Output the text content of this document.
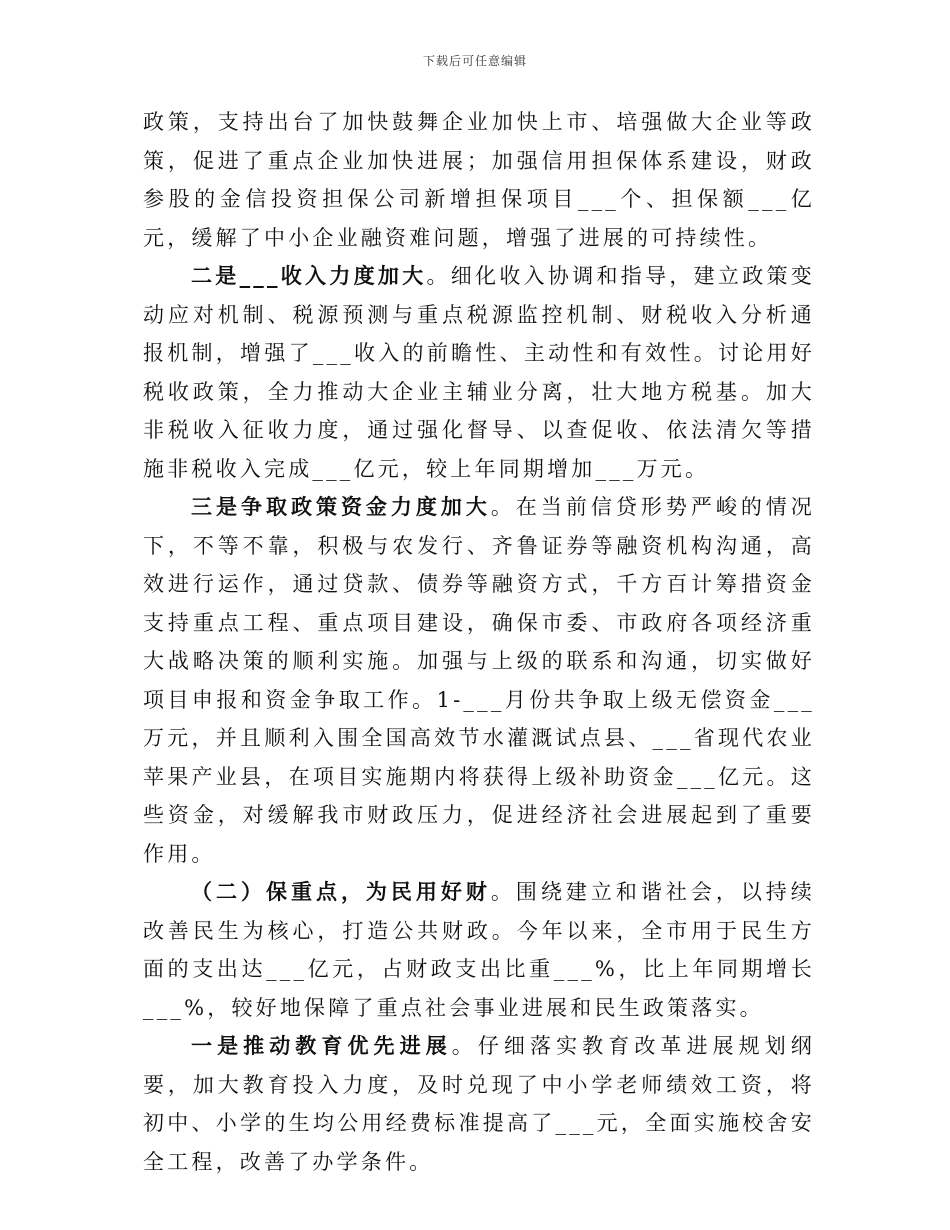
下载后可任意编辑

政策，支持出台了加快鼓舞企业加快上市、培强做大企业等政策，促进了重点企业加快进展；加强信用担保体系建设，财政参股的金信投资担保公司新增担保项目___个、担保额___亿元，缓解了中小企业融资难问题，增强了进展的可持续性。

二是___收入力度加大。细化收入协调和指导，建立政策变动应对机制、税源预测与重点税源监控机制、财税收入分析通报机制，增强了___收入的前瞻性、主动性和有效性。讨论用好税收政策，全力推动大企业主辅业分离，壮大地方税基。加大非税收入征收力度，通过强化督导、以查促收、依法清欠等措施非税收入完成___亿元，较上年同期增加___万元。

三是争取政策资金力度加大。在当前信贷形势严峻的情况下，不等不靠，积极与农发行、齐鲁证券等融资机构沟通，高效进行运作，通过贷款、债券等融资方式，千方百计筹措资金支持重点工程、重点项目建设，确保市委、市政府各项经济重大战略决策的顺利实施。加强与上级的联系和沟通，切实做好项目申报和资金争取工作。1-___月份共争取上级无偿资金___万元，并且顺利入围全国高效节水灌溉试点县、___省现代农业苹果产业县，在项目实施期内将获得上级补助资金___亿元。这些资金，对缓解我市财政压力，促进经济社会进展起到了重要作用。

（二）保重点，为民用好财。围绕建立和谐社会，以持续改善民生为核心，打造公共财政。今年以来，全市用于民生方面的支出达___亿元，占财政支出比重___%，比上年同期增长___%，较好地保障了重点社会事业进展和民生政策落实。

一是推动教育优先进展。仔细落实教育改革进展规划纲要，加大教育投入力度，及时兑现了中小学老师绩效工资，将初中、小学的生均公用经费标准提高了___元，全面实施校舍安全工程，改善了办学条件。
